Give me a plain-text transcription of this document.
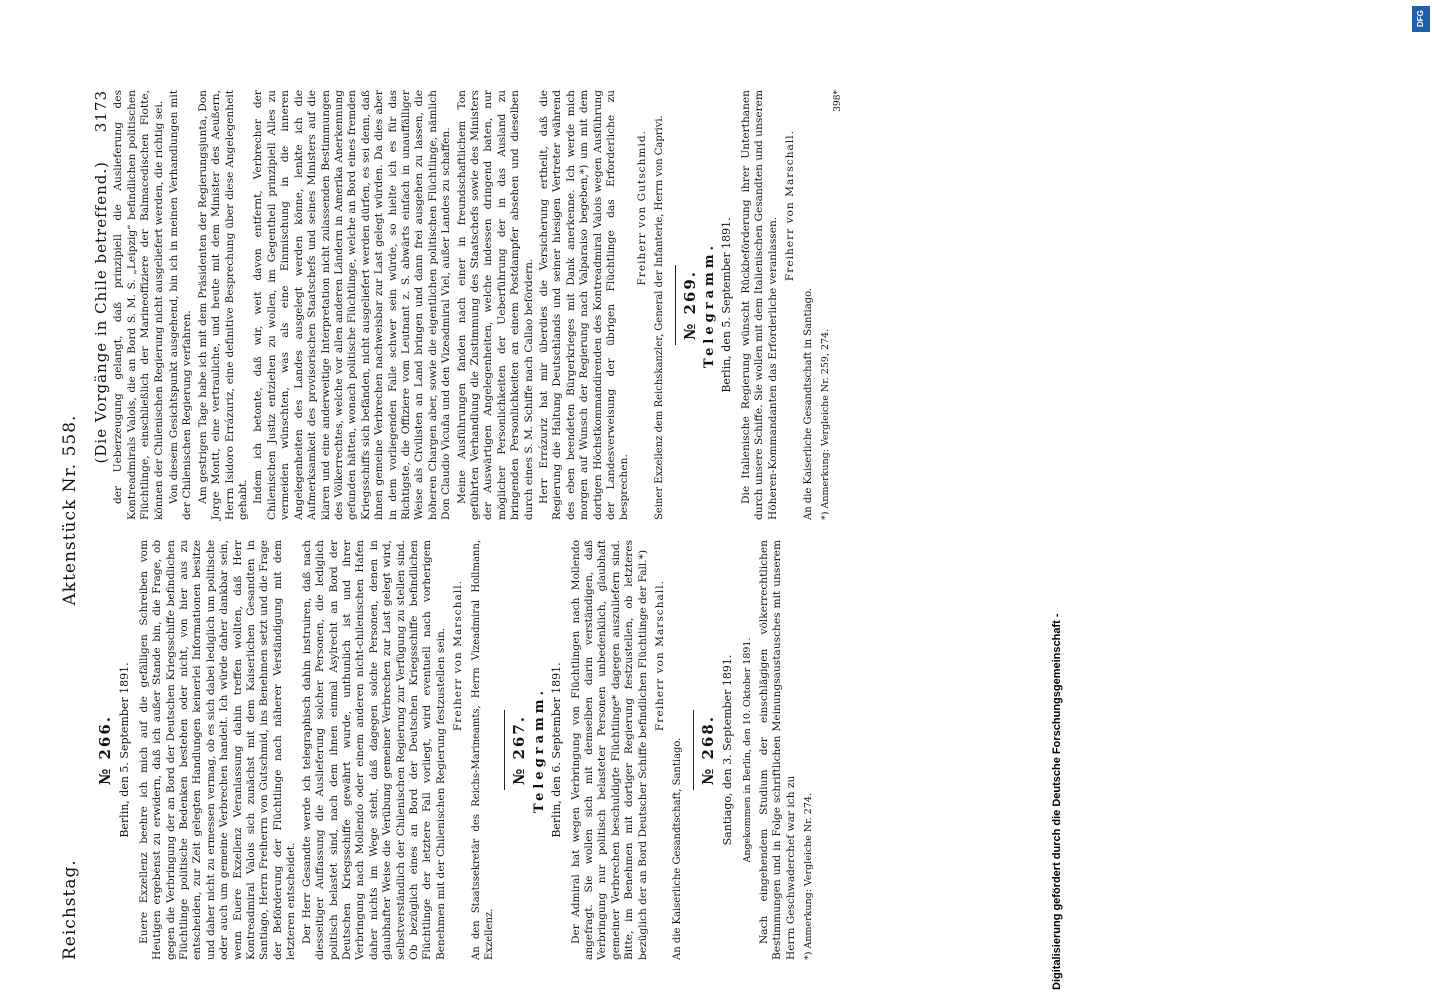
Reichstag.
Aktenstück Nr. 558.
№ 266. Berlin, den 5. September 1891. Euere Exzellenz beehre ich mich auf die gefälligen Schreiben vom Heutigen ergebenst zu erwidern, daß ich außer Stande bin, die Frage, ob gegen die Verbringung der an Bord der Deutschen Kriegsschiffe befindlichen Flüchtlinge politische Bedenken bestehen oder nicht, von hier aus zu entscheiden, zur Zeit gelegten Handlungen keinerlei Informationen besitze und daher nicht zu ermessen vermag, ob es sich dabei lediglich um politische oder auch um gemeine Verbrechen handelt. Ich würde daher dankbar sein, wenn Euere Exzellenz Veranlassung dahin treffen wollten, daß Herr Kontreadmiral Valois sich zunächst mit dem Kaiserlichen Gesandten in Santiago, Herrn Freiherrn von Gutschmid, ins Benehmen setzt und die Frage der Beförderung der Flüchtlinge nach näherer Verständigung mit dem letzteren entscheidet. Der Herr Gesandte werde ich telegraphisch dahin instruiren, daß nach diesseitiger Auffassung die Auslieferung solcher Personen, die lediglich politisch belastet sind, nach dem ihnen einmal Asylrecht an Bord der Deutschen Kriegsschiffe gewährt wurde, unthunlich ist und ihrer Verbringung nach Mollendo oder einem anderen nicht-chilenischen Hafen daher nichts im Wege steht, daß dagegen solche Personen, denen in glaubhafter Weise die Verübung gemeiner Verbrechen zur Last gelegt wird, selbstverständlich der Chilenischen Regierung zur Verfügung zu stellen sind. Ob bezüglich eines an Bord der Deutschen Kriegsschiffe befindlichen Flüchtlinge der letztere Fall vorliegt, wird eventuell nach vorherigem Benehmen mit der Chilenischen Regierung festzustellen sein. Freiherr von Marschall. An den Staatssekretär des Reichs-Marineamts, Herrn Vizeadmiral Hollmann, Exzellenz.
№ 267. Telegramm. Berlin, den 6. September 1891. Der Admiral hat wegen Verbringung von Flüchtlingen nach Mollendo angefragt. Sie wollen sich mit demselben darin verständigen, daß Verbringung nur politisch belasteter Personen unbedenklich, glaubhaft gemeiner Verbrechen beschuldigte Flüchtlinge* dagegen auszuliefern sind. Bitte, im Benehmen mit dortiger Regierung festzustellen, ob letzteres bezüglich der an Bord Deutscher Schiffe befindlichen Flüchtlinge der Fall.*) Freiherr von Marschall.
An die Kaiserliche Gesandtschaft, Santiago. № 268. Santiago, den 3. September 1891. Angekommen in Berlin, den 10. Oktober 1891. Nach eingehendem Studium der einschlägigen völkerrechtlichen Bestimmungen und in Folge schriftlichen Meinungsaustausches mit unserem Herrn Geschwaderchef war ich zu *) Anmerkung: Vergleiche Nr. 274.
(Die Vorgänge in Chile betreffend.)     3173 der Ueberzeugung gelangt, daß prinzipiell die Auslieferung des Kontreadmirals Valois, die an Bord S. M. S. „Leipzig“ befindlichen politischen Flüchtlinge, einschließlich der Marineoffiziere der Balmacedischen Flotte, können der Chilenischen Regierung nicht ausgeliefert werden, die richtig sei. Von diesem Gesichtspunkt ausgehend, bin ich in meinen Verhandlungen mit der Chilenischen Regierung verfahren. Am gestrigen Tage habe ich mit dem Präsidenten der Regierungsjunta, Don Jorge Montt, eine vertrauliche, und heute mit dem Minister des Aeußern, Herrn Isidoro Errázuriz, eine definitive Besprechung über diese Angelegenheit gehabt. Indem ich betonte, daß wir, weit davon entfernt, Verbrecher der Chilenischen Justiz entziehen zu wollen, im Gegentheil prinzipiell Alles zu vermeiden wünschten, was als eine Einmischung in die inneren Angelegenheiten des Landes ausgelegt werden könne, lenkte ich die Aufmerksamkeit des provisorischen Staatschefs und seines Ministers auf die klaren und eine anderweitige Interpretation nicht zulassenden Bestimmungen des Völkerrechtes, welche vor allen anderen Ländern in Amerika Anerkennung gefunden hätten, wonach politische Flüchtlinge, welche an Bord eines fremden Kriegsschiffs sich befänden, nicht ausgeliefert werden dürfen, es sei denn, daß ihnen gemeine Verbrechen nachweisbar zur Last gelegt würden. Da dies aber in dem vorliegenden Falle schwer sein würde, so hielte ich es für das Richtigste, die Offiziere vom Leutnant z. S. abwärts einfach in unauffälliger Weise als Civilisten an Land bringen und dann frei ausgehen zu lassen, die höheren Chargen aber, sowie die eigentlichen politischen Flüchtlinge, nämlich Don Claudio Vicuña und den Vizeadmiral Viel, außer Landes zu schaffen. Meine Ausführungen fanden nach einer in freundschaftlichem Ton geführten Verhandlung die Zustimmung des Staatschefs sowie des Ministers der Auswärtigen Angelegenheiten, welche indessen dringend baten, nur möglicher Personlichkeiten der Ueberführung der in das Ausland zu bringenden Personlichkeiten an einem Postdampfer absehen und dieselben durch eines S. M. Schiffe nach Callao befördern. Herr Errázuriz hat mir überdies die Versicherung ertheilt, daß die Regierung die Haltung Deutschlands und seiner hiesigen Vertreter während des eben beendeten Bürgerkrieges mit Dank anerkenne. Ich werde mich morgen auf Wunsch der Regierung nach Valparaiso begeben,*) um mit dem dortigen Höchstkommandirenden des Kontreadmiral Valois wegen Ausführung der Landesverweisung der übrigen Flüchtlinge das Erforderliche zu besprechen.

Freiherr von Gutschmid. Seiner Exzellenz dem Reichskanzler, General der Infanterie, Herrn von Caprivi. № 269. Telegramm. Berlin, den 5. September 1891. Die Italienische Regierung wünscht Rückbeförderung ihrer Unterthanen durch unsere Schiffe. Sie wollen mit dem Italienischen Gesandten und unserem Höheren-Kommandanten das Erforderliche veranlassen.

Freiherr von Marschall.
An die Kaiserliche Gesandtschaft in Santiago. *) Anmerkung: Vergleiche Nr. 259, 274.
398*
DFG
Digitalisierung gefördert durch die Deutsche Forschungsgemeinschaft -
